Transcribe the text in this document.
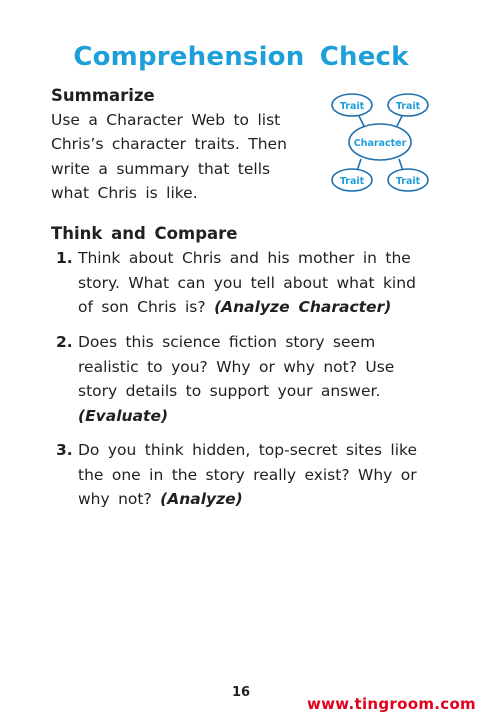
Comprehension Check
Summarize

Use a Character Web to list

Chris’s character traits. Then

write a summary that tells

what Chris is like.

Trait	Trait
Character
Trait	Trait
Think and Compare
1. Think about Chris and his mother in the

story. What can you tell about what kind

of son Chris is? (Analyze Character)

2. Does this science fiction story seem

realistic to you? Why or why not? Use

story details to support your answer.

(Evaluate)

3. Do you think hidden, top-secret sites like

the one in the story really exist? Why or

why not? (Analyze)

16
www.tingroom.com
